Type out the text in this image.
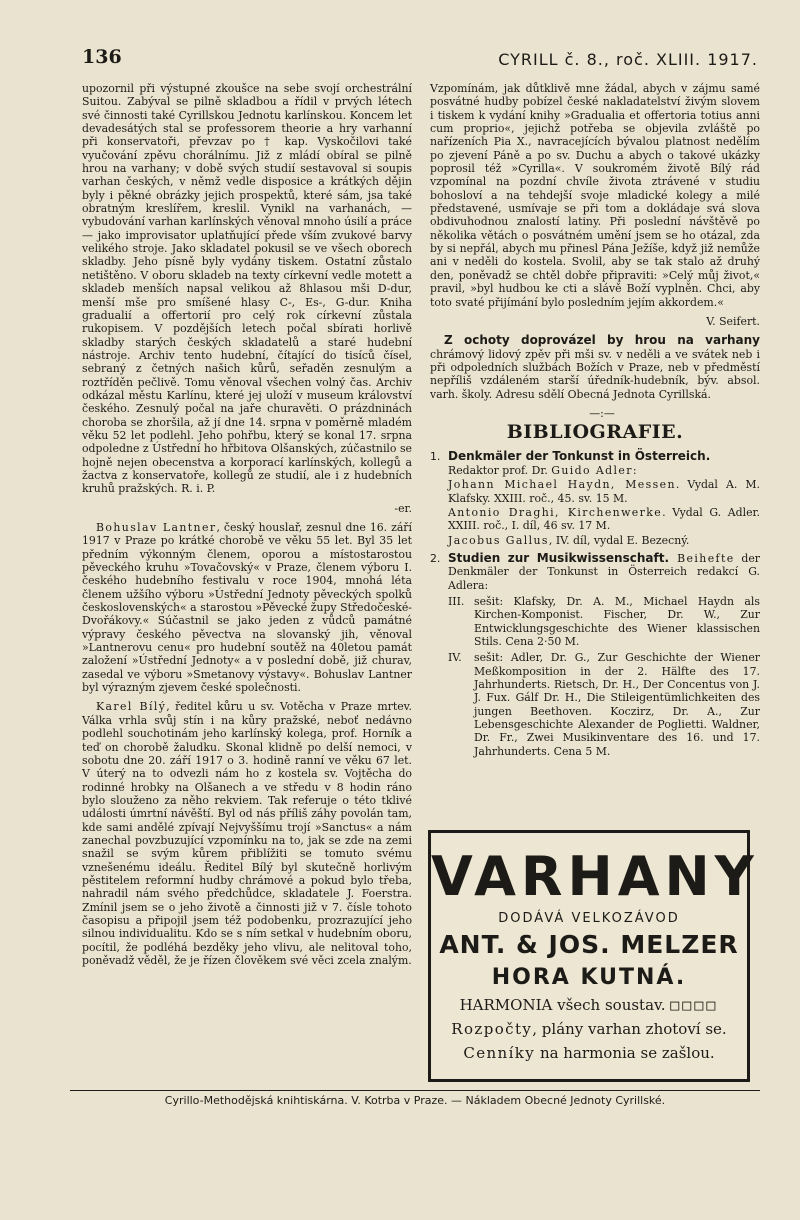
136	CYRILL č. 8., roč. XLIII. 1917.

upozornil při výstupné zkoušce na sebe svojí orchestrální Suitou. Zabýval se pilně skladbou a řídil v prvých létech své činnosti také Cyrillskou Jednotu karlínskou. Koncem let devadesátých stal se professorem theorie a hry varhanní při konservatoři, převzav po † kap. Vyskočilovi také vyučování zpěvu chorálnímu. Již z mládí obíral se pilně hrou na varhany; v době svých studií sestavoval si soupis varhan českých, v němž vedle disposice a krátkých dějin byly i pěkné obrázky jejich prospektů, které sám, jsa také obratným kreslířem, kreslil. Vynikl na varhanách, — vybudování varhan karlínských věnoval mnoho úsilí a práce — jako improvisator uplatňující přede vším zvukové barvy velikého stroje. Jako skladatel pokusil se ve všech oborech skladby. Jeho písně byly vydány tiskem. Ostatní zůstalo netištěno. V oboru skladeb na texty církevní vedle motett a skladeb menších napsal velikou až 8hlasou mši D-dur, menší mše pro smíšené hlasy C-, Es-, G-dur. Kniha gradualií a offertorií pro celý rok církevní zůstala rukopisem. V pozdějších letech počal sbírati horlivě skladby starých českých skladatelů a staré hudební nástroje. Archiv tento hudební, čítající do tisíců čísel, sebraný z četných našich kůrů, seřaděn zesnulým a roztříděn pečlivě. Tomu věnoval všechen volný čas. Archiv odkázal městu Karlínu, které jej uloží v museum království českého. Zesnulý počal na jaře churavěti. O prázdninách choroba se zhoršila, až jí dne 14. srpna v poměrně mladém věku 52 let podlehl. Jeho pohřbu, který se konal 17. srpna odpoledne z Ústřední ho hřbitova Olšanských, zúčastnilo se hojně nejen obecenstva a korporací karlínských, kollegů a žactva z konservatoře, kollegů ze studií, ale i z hudebních kruhů pražských. R. i. P.

-er.

Bohuslav Lantner, český houslař, zesnul dne 16. září 1917 v Praze po krátké chorobě ve věku 55 let. Byl 35 let předním výkonným členem, oporou a místostarostou pěveckého kruhu »Tovačovský« v Praze, členem výboru I. českého hudebního festivalu v roce 1904, mnohá léta členem užšího výboru »Ústřední Jednoty pěveckých spolků československých« a starostou »Pěvecké župy Středočeské-Dvořákovy.« Súčastnil se jako jeden z vůdců památné výpravy českého pěvectva na slovanský jih, věnoval »Lantnerovu cenu« pro hudební soutěž na 40letou památ založení »Ústřední Jednoty« a v poslední době, již churav, zasedal ve výboru »Smetanovy výstavy«. Bohuslav Lantner byl výrazným zjevem české společnosti.

Karel Bílý, ředitel kůru u sv. Votěcha v Praze mrtev. Válka vrhla svůj stín i na kůry pražské, neboť nedávno podlehl souchotinám jeho karlínský kolega, prof. Horník a teď on chorobě žaludku. Skonal klidně po delší nemoci, v sobotu dne 20. září 1917 o 3. hodině ranní ve věku 67 let. V úterý na to odvezli nám ho z kostela sv. Vojtěcha do rodinné hrobky na Olšanech a ve středu v 8 hodin ráno bylo slouženo za něho rekviem. Tak referuje o této tklivé události úmrtní návěští. Byl od nás příliš záhy povolán tam, kde sami andělé zpívají Nejvyššímu trojí »Sanctus« a nám zanechal povzbuzující vzpomínku na to, jak se zde na zemi snažil se svým kůrem přiblížiti se tomuto svému vznešenému ideálu. Ředitel Bílý byl skutečně horlivým pěstitelem reformní hudby chrámové a pokud bylo třeba, nahradil nám svého předchůdce, skladatele J. Foerstra. Zmínil jsem se o jeho životě a činnosti již v 7. čísle tohoto časopisu a připojil jsem též podobenku, prozrazující jeho silnou individualitu. Kdo se s ním setkal v hudebním oboru, pocítil, že podléhá bezděky jeho vlivu, ale nelitoval toho, poněvadž věděl, že je řízen člověkem své věci zcela znalým.

Vzpomínám, jak důtklivě mne žádal, abych v zájmu samé posvátné hudby pobízel české nakladatelství živým slovem i tiskem k vydání knihy »Gradualia et offertoria totius anni cum proprio«, jejichž potřeba se objevila zvláště po nařízeních Pia X., navracejících bývalou platnost nedělím po zjevení Páně a po sv. Duchu a abych o takové ukázky poprosil též »Cyrilla«. V soukromém životě Bílý rád vzpomínal na pozdní chvíle života ztrávené v studiu bohosloví a na tehdejší svoje mladické kolegy a milé představené, usmívaje se při tom a dokládaje svá slova obdivuhodnou znalostí latiny. Při poslední návštěvě po několika větách o posvátném umění jsem se ho otázal, zda by si nepřál, abych mu přinesl Pána Ježíše, když již nemůže ani v neděli do kostela. Svolil, aby se tak stalo až druhý den, poněvadž se chtěl dobře připraviti: »Celý můj život,« pravil, »byl hudbou ke cti a slávě Boží vyplněn. Chci, aby toto svaté přijímání bylo posledním jejím akkordem.«

V. Seifert.

Z ochoty doprovázel by hrou na varhany chrámový lidový zpěv při mši sv. v neděli a ve svátek neb i při odpoledních službách Božích v Praze, neb v předměstí nepříliš vzdáleném starší úředník-hudebník, býv. absol. varh. školy. Adresu sdělí Obecná Jednota Cyrillská.

—:—

BIBLIOGRAFIE.
1. Denkmäler der Tonkunst in Österreich.
Redaktor prof. Dr. Guido Adler:
Johann Michael Haydn, Messen. Vydal A. M. Klafsky. XXIII. roč., 45. sv. 15 M.
Antonio Draghi, Kirchenwerke. Vydal G. Adler. XXIII. roč., I. díl, 46 sv. 17 M.
Jacobus Gallus, IV. díl, vydal E. Bezecný.
2. Studien zur Musikwissenschaft. Beihefte der Denkmäler der Tonkunst in Österreich redakcí G. Adlera:
III. sešit: Klafsky, Dr. A. M., Michael Haydn als Kirchen-Komponist. Fischer, Dr. W., Zur Entwicklungsgeschichte des Wiener klassischen Stils. Cena 2·50 M.
IV.	sešit: Adler, Dr. G., Zur Geschichte der Wiener Meßkomposition in der 2. Hälfte des 17. Jahrhunderts. Rietsch, Dr. H., Der Concentus von J. J. Fux. Gálf Dr. H., Die Stileigentümlichkeiten des jungen Beethoven. Koczirz, Dr. A., Zur Lebensgeschichte Alexander de Poglietti. Waldner, Dr. Fr., Zwei Musikinventare des 16. und 17. Jahrhunderts. Cena 5 M.
VARHANY
DODÁVÁ VELKOZÁVOD
ANT. & JOS. MELZER
HORA KUTNÁ.
HARMONIA všech soustav. □□□□
Rozpočty, plány varhan zhotoví se.
Cenníky na harmonia se zašlou.
Cyrillo-Methodějská knihtiskárna. V. Kotrba v Praze. — Nákladem Obecné Jednoty Cyrillské.
